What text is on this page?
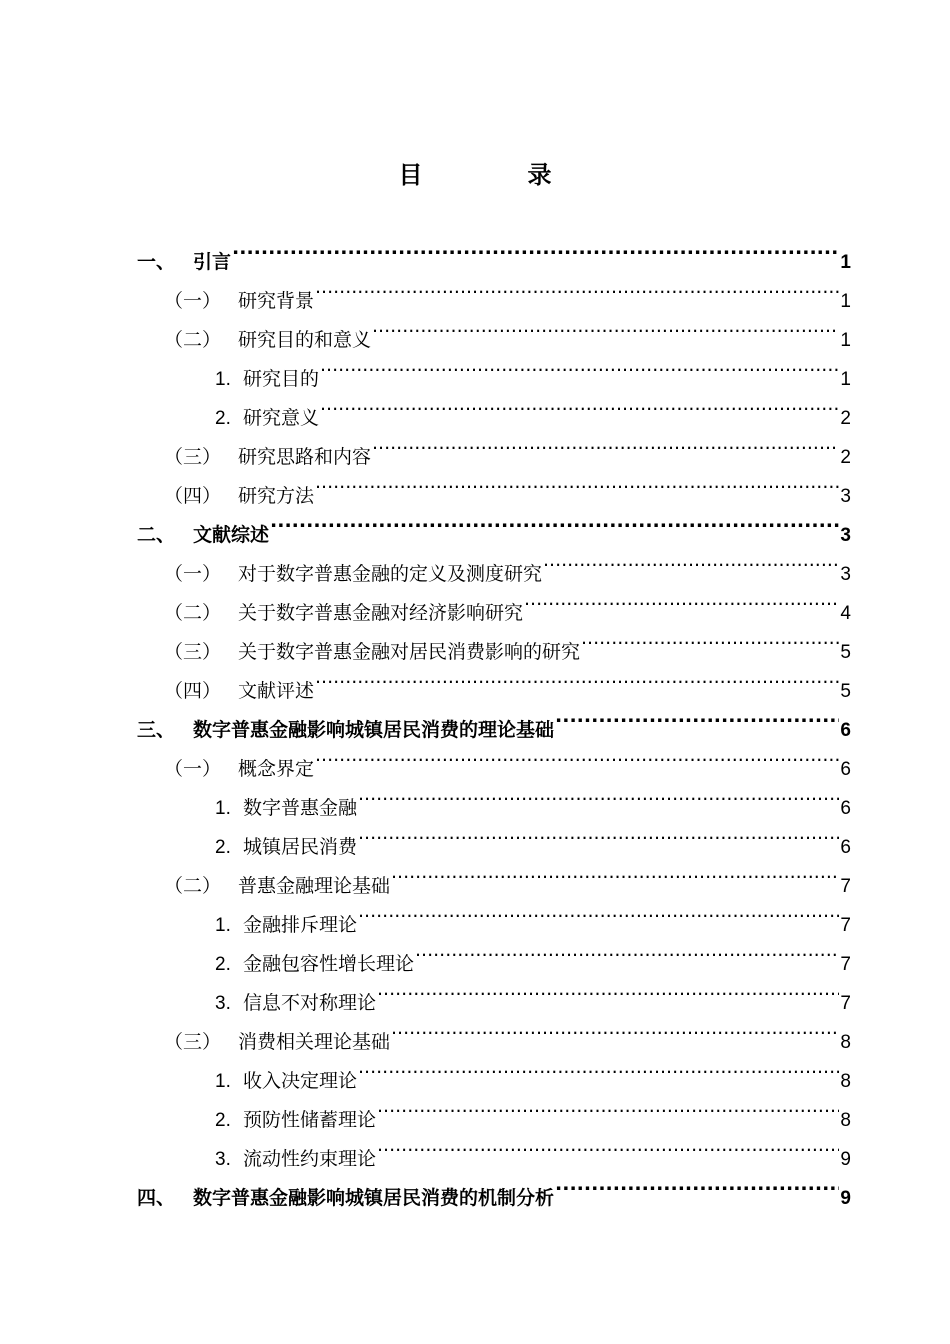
目	录
一、 引言 .....	1
（一） 研究背景 .....	1
（二） 研究目的和意义 .....	1
1. 研究目的 .....	1
2. 研究意义 .....	2
（三） 研究思路和内容 .....	2
（四） 研究方法 .....	3
二、 文献综述 .....	3
（一） 对于数字普惠金融的定义及测度研究 .....	3
（二） 关于数字普惠金融对经济影响研究 .....	4
（三） 关于数字普惠金融对居民消费影响的研究 .....	5
（四） 文献评述 .....	5
三、 数字普惠金融影响城镇居民消费的理论基础 .....	6
（一） 概念界定 .....	6
1. 数字普惠金融 .....	6
2. 城镇居民消费 .....	6
（二） 普惠金融理论基础 .....	7
1. 金融排斥理论 .....	7
2. 金融包容性增长理论 .....	7
3. 信息不对称理论 .....	7
（三） 消费相关理论基础 .....	8
1. 收入决定理论 .....	8
2. 预防性储蓄理论 .....	8
3. 流动性约束理论 .....	9
四、 数字普惠金融影响城镇居民消费的机制分析 .....	9
